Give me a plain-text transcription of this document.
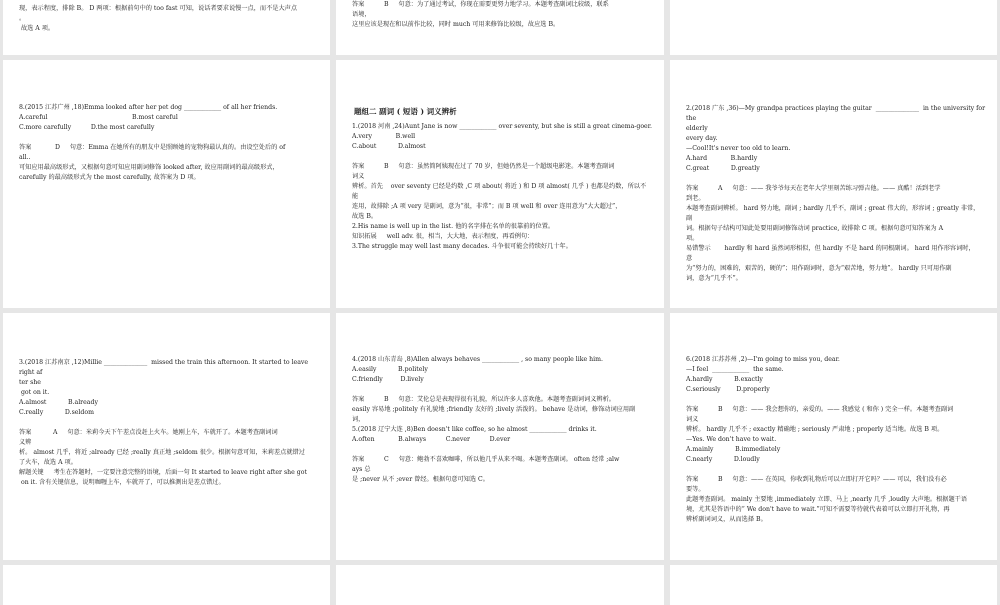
现，表示程度，排除 B。 D 两项：根据前句中的 too fast 可知，说话者要求说慢一点，而不是大声点
。
故选 A 项。
答案          B     句意：为了通过考试，你现在需要更努力地学习。本题考查副词比较级，联系
语境，
这里应该是现在和以前作比较，同时 much 可用来修饰比较级，故应选 B。
8.(2015 江苏广州 ,18)Emma looked after her pet dog ____________ of all her friends.
A.careful                                           B.most careful
C.more carefully          D.the most carefully

答案            D     句意：Emma 在她所有的朋友中是照顾她的宠物狗最认真的。由设空处后的 of
all..
可知应用最高级形式，又根据句意可知应用副词修饰 looked after, 故应用副词的最高级形式，
carefully 的最高级形式为 the most carefully, 故答案为 D 项。
题组二 副词 ( 短语 ) 词义辨析
1.(2018 河南 ,24)Aunt Jane is now ____________ over seventy, but she is still a great cinema-goer.
A.very            B.well
C.about           D.almost

答案          B     句意：虽然简阿姨现在过了 70 岁，但她仍然是一个超级电影迷。本题考查副词
词义
辨析。首先    over seventy 已经是约数 ,C 项 about( 将近 ) 和 D 项 almost( 几乎 ) 也都是约数，所以不
能
连用，故排除 ;A 项 very 是副词，意为“很，非常”；而 B 项 well 和 over 连用意为“大大超过”，
故选 B。
2.His name is well up in the list. 他的名字排在名单的很靠前的位置。
知识拓展     well adv. 很，相当，大大地，表示程度，再看例句：
3.The struggle may well last many decades. 斗争很可能会持续好几十年。
2.(2018 广东 ,36)—My grandpa practices playing the guitar  ______________  in the university for the
elderly
every day.
—Cool!It's never too old to learn.
A.hard            B.hardly
C.great           D.greatly

答案          A     句意：—— 我爷爷每天在老年大学里刻苦练习弹吉他。—— 真酷！活到老学
到老。
本题考查副词辨析。 hard 努力地，副词 ; hardly 几乎不，副词 ; great 伟大的，形容词 ; greatly 非常，
副
词。根据句子结构可知此处要用副词修饰动词 practice, 故排除 C 项。根据句意可知答案为 A
项。
易错警示       hardly 和 hard 虽然词形相似，但 hardly 不是 hard 的同根副词。 hard 用作形容词时，
意
为“努力的，困难的，艰苦的，硬的”；用作副词时，意为“艰苦地，努力地”。 hardly 只可用作副
词，意为“几乎不”。
3.(2018 江苏南京 ,12)Millie ______________  missed the train this afternoon. It started to leave right af
ter she
got on it.
A.almost           B.already
C.really           D.seldom

答案           A     句意：米莉今天下午差点没赶上火车。她刚上车，车就开了。本题考查副词词
义辨
析。 almost 几乎，将近 ;already 已经 ;really 真正地 ;seldom 很少。根据句意可知，米莉差点就错过
了火车，故选 A 项。
解题关键     考生在答题时，一定要注意完整的语境，后面一句 It started to leave right after she got
on it. 含有关键信息，说明咖喱上车，车就开了，可以推测出是差点错过。
4.(2018 山东青岛 ,8)Allen always behaves ____________ , so many people like him.
A.easily           B.politely
C.friendly         D.lively

答案          B     句意：艾伦总是表现得很有礼貌，所以许多人喜欢他。本题考查副词词义辨析。
easily 容易地 ;politely 有礼貌地 ;friendly 友好的 ;lively 活泼的。 behave 是动词，修饰动词应用副
词，
5.(2018 辽宁大连 ,8)Ben doesn't like coffee, so he almost ____________ drinks it.
A.often            B.always          C.never          D.ever

答案          C     句意：鲍勃不喜欢咖啡，所以他几乎从来不喝。本题考查副词。 often 经常 ;alw
ays 总
是 ;never 从不 ;ever 曾经。根据句意可知选 C。
6.(2018 江苏苏州 ,2)—I'm going to miss you, dear.
—I feel  ____________  the same.
A.hardly           B.exactly
C.seriously        D.properly

答案          B     句意：—— 我会想你的，亲爱的。—— 我感觉 ( 和你 ) 完全一样。本题考查副词
词义
辨析。 hardly 几乎不 ; exactly 精确地 ; seriously 严肃地 ; properly 适当地。故选 B 项。
—Yes. We don't have to wait.
A.mainly           B.immediately
C.nearly           D.loudly

答案          B     句意：—— 在英国，你收到礼物后可以立即打开它吗？—— 可以，我们没有必
要等。
此题考查副词。 mainly 主要地 ,immediately 立即、马上 ,nearly 几乎 ,loudly 大声地。根据题干语
境，尤其是答语中的“ We don't have to wait.”可知不需要等待就代表着可以立即打开礼物，再
辨析副词词义，从而选择 B。
